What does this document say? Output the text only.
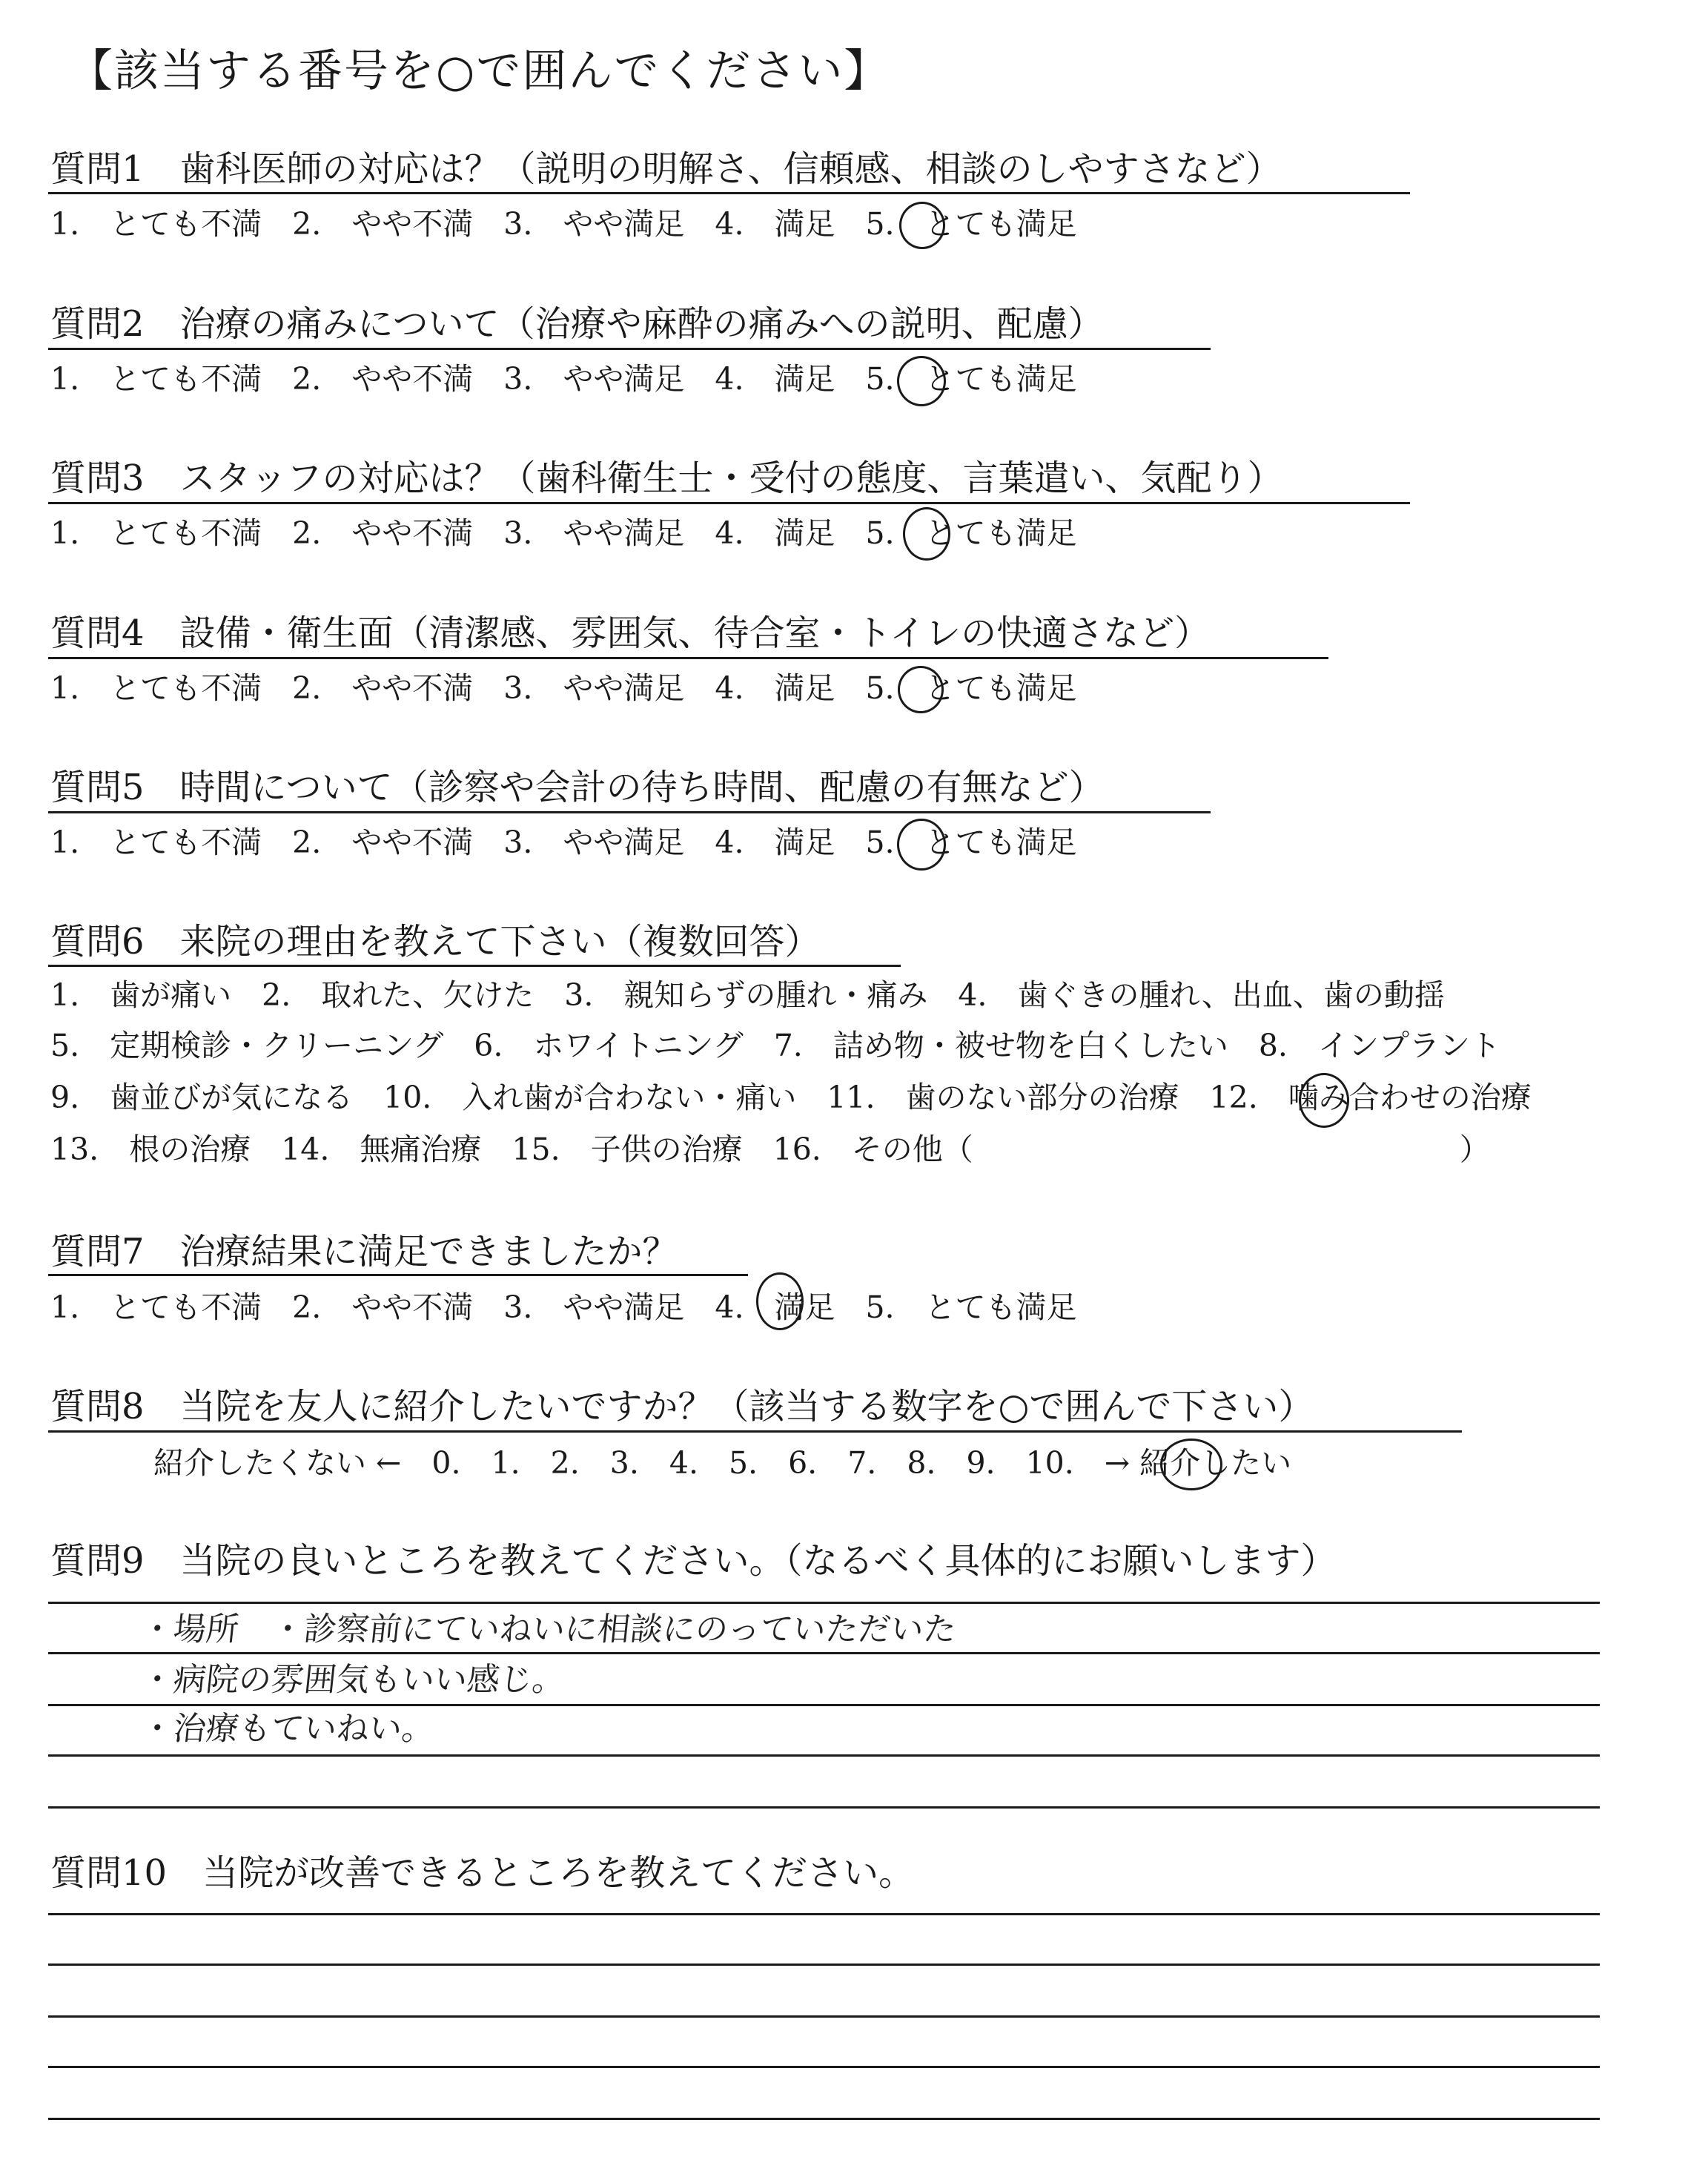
【該当する番号を○で囲んでください】
質問1　歯科医師の対応は？（説明の明解さ、信頼感、相談のしやすさなど）
1.　とても不満　2.　やや不満　3.　やや満足　4.　満足　5.　とても満足
質問2　治療の痛みについて（治療や麻酔の痛みへの説明、配慮）
1.　とても不満　2.　やや不満　3.　やや満足　4.　満足　5.　とても満足
質問3　スタッフの対応は？（歯科衛生士・受付の態度、言葉遣い、気配り）
1.　とても不満　2.　やや不満　3.　やや満足　4.　満足　5.　とても満足
質問4　設備・衛生面（清潔感、雰囲気、待合室・トイレの快適さなど）
1.　とても不満　2.　やや不満　3.　やや満足　4.　満足　5.　とても満足
質問5　時間について（診察や会計の待ち時間、配慮の有無など）
1.　とても不満　2.　やや不満　3.　やや満足　4.　満足　5.　とても満足
質問6　来院の理由を教えて下さい（複数回答）
1.　歯が痛い　2.　取れた、欠けた　3.　親知らずの腫れ・痛み　4.　歯ぐきの腫れ、出血、歯の動揺
5.　定期検診・クリーニング　6.　ホワイトニング　7.　詰め物・被せ物を白くしたい　8.　インプラント
9.　歯並びが気になる　10.　入れ歯が合わない・痛い　11.　歯のない部分の治療　12.　噛み合わせの治療
13.　根の治療　14.　無痛治療　15.　子供の治療　16.　その他（　　　　　　　　　　　　　　　　）
質問7　治療結果に満足できましたか？
1.　とても不満　2.　やや不満　3.　やや満足　4.　満足　5.　とても満足
質問8　当院を友人に紹介したいですか？（該当する数字を○で囲んで下さい）
紹介したくない ←　0.　1.　2.　3.　4.　5.　6.　7.　8.　9.　10.　→ 紹介したい
質問9　当院の良いところを教えてください。（なるべく具体的にお願いします）
・場所　・診察前にていねいに相談にのっていただいた
・病院の雰囲気もいい感じ。
・治療もていねい。
質問10　当院が改善できるところを教えてください。
